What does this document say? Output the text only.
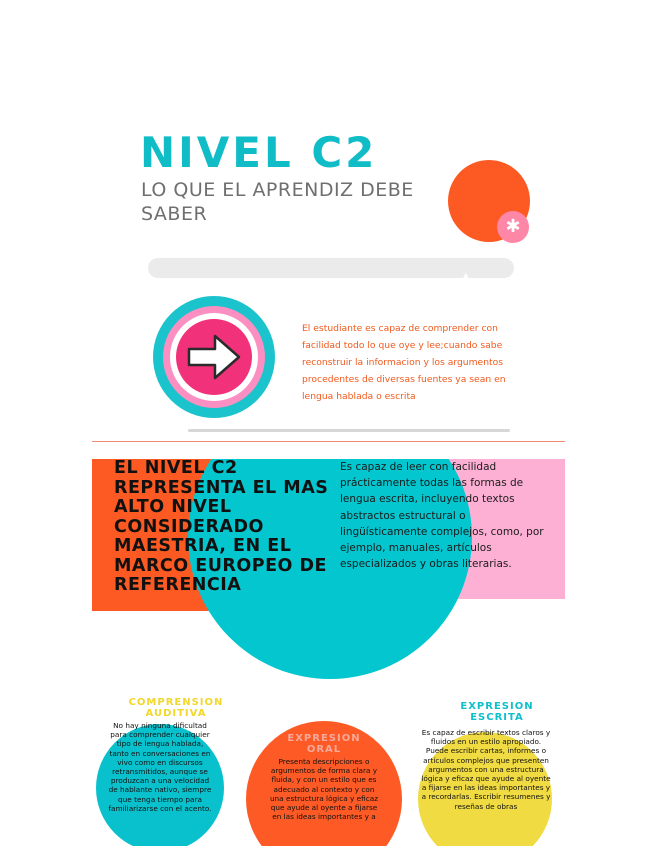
NIVEL C2
LO QUE EL APRENDIZ DEBE SABER
✱
▲
El estudiante es capaz de comprender con facilidad todo lo que oye y lee;cuando sabe reconstruir la informacion y los argumentos procedentes de diversas fuentes ya sean en lengua hablada o escrita
EL NIVEL C2 REPRESENTA EL MAS ALTO NIVEL CONSIDERADO MAESTRIA, EN EL MARCO EUROPEO DE REFERENCIA
Es capaz de leer con facilidad prácticamente todas las formas de lengua escrita, incluyendo textos abstractos estructural o lingüísticamente complejos, como, por ejemplo, manuales, artículos especializados y obras literarias.
COMPRENSION AUDITIVA
EXPRESION ESCRITA
EXPRESION ORAL
No hay ninguna dificultad para comprender cualquier tipo de lengua hablada, tanto en conversaciones en vivo como en discursos retransmitidos, aunque se produzcan a una velocidad de hablante nativo, siempre que tenga tiempo para familiarizarse con el acento.
Presenta descripciones o argumentos de forma clara y fluida, y con un estilo que es adecuado al contexto y con una estructura lógica y eficaz que ayude al oyente a fijarse en las ideas importantes y a
Es capaz de escribir textos claros y fluidos en un estilo apropiado. Puede escribir cartas, informes o artículos complejos que presenten argumentos con una estructura lógica y eficaz que ayude al oyente a fijarse en las ideas importantes y a recordarlas. Escribir resumenes y reseñas de obras
